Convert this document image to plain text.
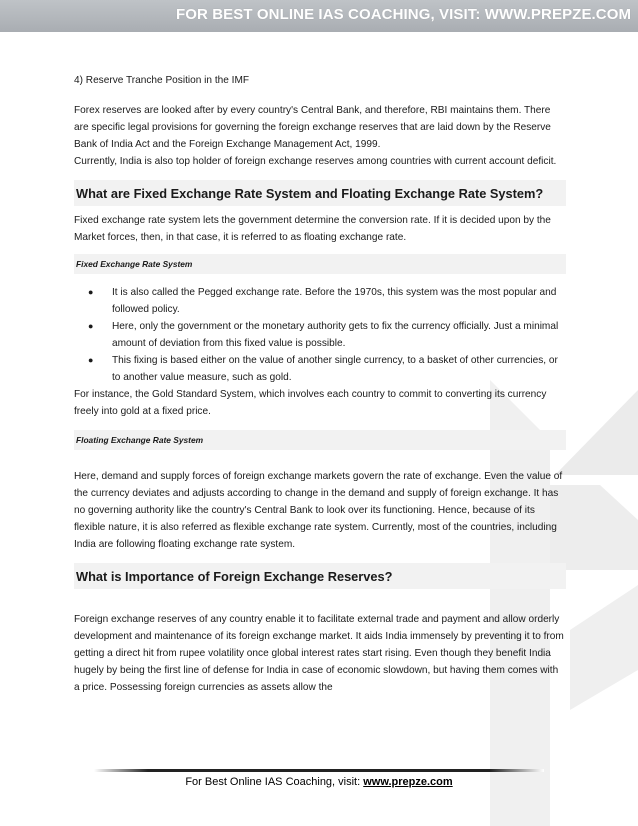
FOR BEST ONLINE IAS COACHING, VISIT: WWW.PREPZE.COM

4) Reserve Tranche Position in the IMF

Forex reserves are looked after by every country's Central Bank, and therefore, RBI maintains them. There are specific legal provisions for governing the foreign exchange reserves that are laid down by the Reserve Bank of India Act and the Foreign Exchange Management Act, 1999.

Currently, India is also top holder of foreign exchange reserves among countries with current account deficit.

What are Fixed Exchange Rate System and Floating Exchange Rate System?

Fixed exchange rate system lets the government determine the conversion rate. If it is decided upon by the Market forces, then, in that case, it is referred to as floating exchange rate.

Fixed Exchange Rate System
● It is also called the Pegged exchange rate. Before the 1970s, this system was the most popular and followed policy.
● Here, only the government or the monetary authority gets to fix the currency officially. Just a minimal amount of deviation from this fixed value is possible.
● This fixing is based either on the value of another single currency, to a basket of other currencies, or to another value measure, such as gold.

For instance, the Gold Standard System, which involves each country to commit to converting its currency freely into gold at a fixed price.

Floating Exchange Rate System

Here, demand and supply forces of foreign exchange markets govern the rate of exchange. Even the value of the currency deviates and adjusts according to change in the demand and supply of foreign exchange. It has no governing authority like the country's Central Bank to look over its functioning. Hence, because of its flexible nature, it is also referred as flexible exchange rate system. Currently, most of the countries, including India are following floating exchange rate system.

What is Importance of Foreign Exchange Reserves?

Foreign exchange reserves of any country enable it to facilitate external trade and payment and allow orderly development and maintenance of its foreign exchange market. It aids India immensely by preventing it to from getting a direct hit from rupee volatility once global interest rates start rising. Even though they benefit India hugely by being the first line of defense for India in case of economic slowdown, but having them comes with a price. Possessing foreign currencies as assets allow the

For Best Online IAS Coaching, visit: www.prepze.com
